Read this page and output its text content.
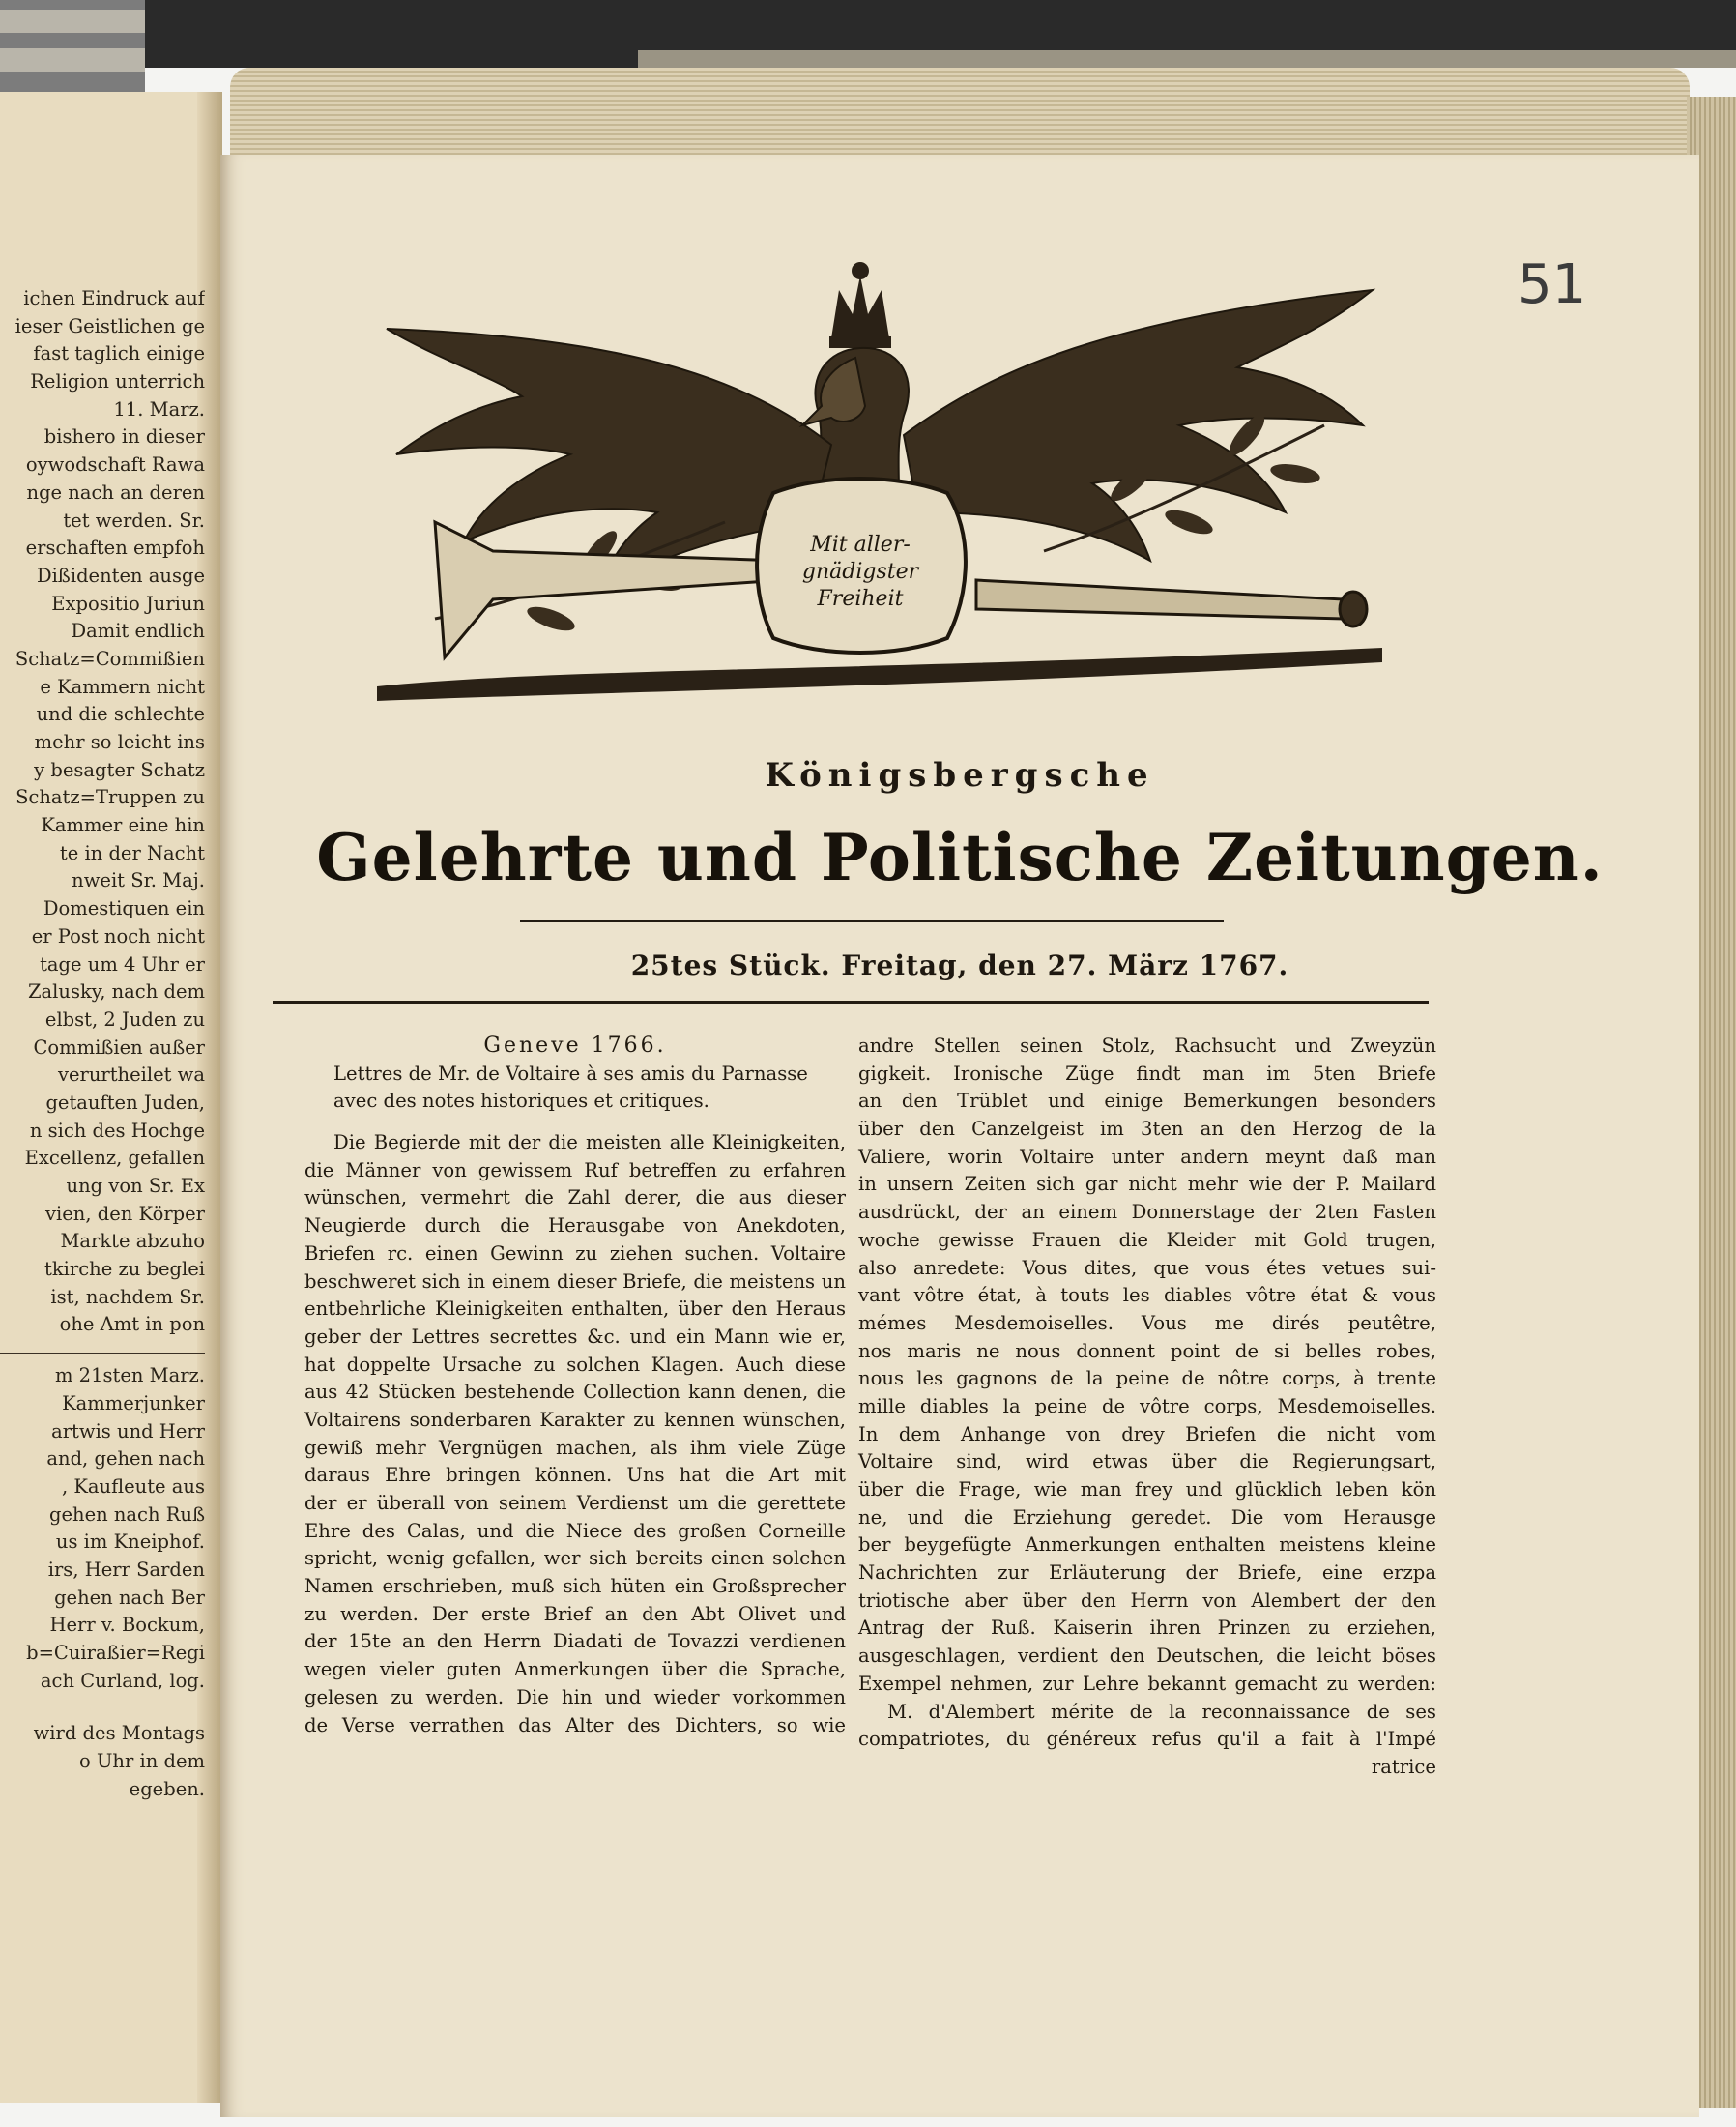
ichen Eindruck auf
ieser Geistlichen ge
fast taglich einige
Religion unterrich
11. Marz.
bishero in dieser
oywodschaft Rawa
nge nach an deren
tet werden. Sr.
erschaften empfoh
Dißidenten ausge
Expositio Juriun
Damit endlich
Schatz=Commißien
e Kammern nicht
und die schlechte
mehr so leicht ins
y besagter Schatz
Schatz=Truppen zu
Kammer eine hin
te in der Nacht
nweit Sr. Maj.
Domestiquen ein
er Post noch nicht
tage um 4 Uhr er
Zalusky, nach dem
elbst, 2 Juden zu
Commißien außer
verurtheilet wa
getauften Juden,
n sich des Hochge
Excellenz, gefallen
ung von Sr. Ex
vien, den Körper
Markte abzuho
tkirche zu beglei
ist, nachdem Sr.
ohe Amt in pon
m 21sten Marz.
Kammerjunker
artwis und Herr
and, gehen nach
, Kaufleute aus
gehen nach Ruß
us im Kneiphof.
irs, Herr Sarden
gehen nach Ber
Herr v. Bockum,
b=Cuiraßier=Regi
ach Curland, log.
wird des Montags
o Uhr in dem
egeben.
51
Mit aller-
gnädigster
Freiheit
Königsbergsche
Gelehrte und Politische Zeitungen.
25tes Stück. Freitag, den 27. März 1767.
Geneve 1766.
Lettres de Mr. de Voltaire à ses amis du Parnasse
avec des notes historiques et critiques.
Die Begierde mit der die meisten alle Kleinigkeiten,
die Männer von gewissem Ruf betreffen zu erfahren
wünschen, vermehrt die Zahl derer, die aus dieser
Neugierde durch die Herausgabe von Anekdoten,
Briefen rc. einen Gewinn zu ziehen suchen. Voltaire
beschweret sich in einem dieser Briefe, die meistens un
entbehrliche Kleinigkeiten enthalten, über den Heraus
geber der Lettres secrettes &c. und ein Mann wie er,
hat doppelte Ursache zu solchen Klagen. Auch diese
aus 42 Stücken bestehende Collection kann denen, die
Voltairens sonderbaren Karakter zu kennen wünschen,
gewiß mehr Vergnügen machen, als ihm viele Züge
daraus Ehre bringen können. Uns hat die Art mit
der er überall von seinem Verdienst um die gerettete
Ehre des Calas, und die Niece des großen Corneille
spricht, wenig gefallen, wer sich bereits einen solchen
Namen erschrieben, muß sich hüten ein Großsprecher
zu werden. Der erste Brief an den Abt Olivet und
der 15te an den Herrn Diadati de Tovazzi verdienen
wegen vieler guten Anmerkungen über die Sprache,
gelesen zu werden. Die hin und wieder vorkommen
de Verse verrathen das Alter des Dichters, so wie
andre Stellen seinen Stolz, Rachsucht und Zweyzün
gigkeit. Ironische Züge findt man im 5ten Briefe
an den Trüblet und einige Bemerkungen besonders
über den Canzelgeist im 3ten an den Herzog de la
Valiere, worin Voltaire unter andern meynt daß man
in unsern Zeiten sich gar nicht mehr wie der P. Mailard
ausdrückt, der an einem Donnerstage der 2ten Fasten
woche gewisse Frauen die Kleider mit Gold trugen,
also anredete: Vous dites, que vous étes vetues sui-
vant vôtre état, à touts les diables vôtre état & vous
mémes Mesdemoiselles. Vous me dirés peutêtre,
nos maris ne nous donnent point de si belles robes,
nous les gagnons de la peine de nôtre corps, à trente
mille diables la peine de vôtre corps, Mesdemoiselles.
In dem Anhange von drey Briefen die nicht vom
Voltaire sind, wird etwas über die Regierungsart,
über die Frage, wie man frey und glücklich leben kön
ne, und die Erziehung geredet. Die vom Herausge
ber beygefügte Anmerkungen enthalten meistens kleine
Nachrichten zur Erläuterung der Briefe, eine erzpa
triotische aber über den Herrn von Alembert der den
Antrag der Ruß. Kaiserin ihren Prinzen zu erziehen,
ausgeschlagen, verdient den Deutschen, die leicht böses
Exempel nehmen, zur Lehre bekannt gemacht zu werden:
M. d'Alembert mérite de la reconnaissance de ses
compatriotes, du généreux refus qu'il a fait à l'Impé
ratrice
